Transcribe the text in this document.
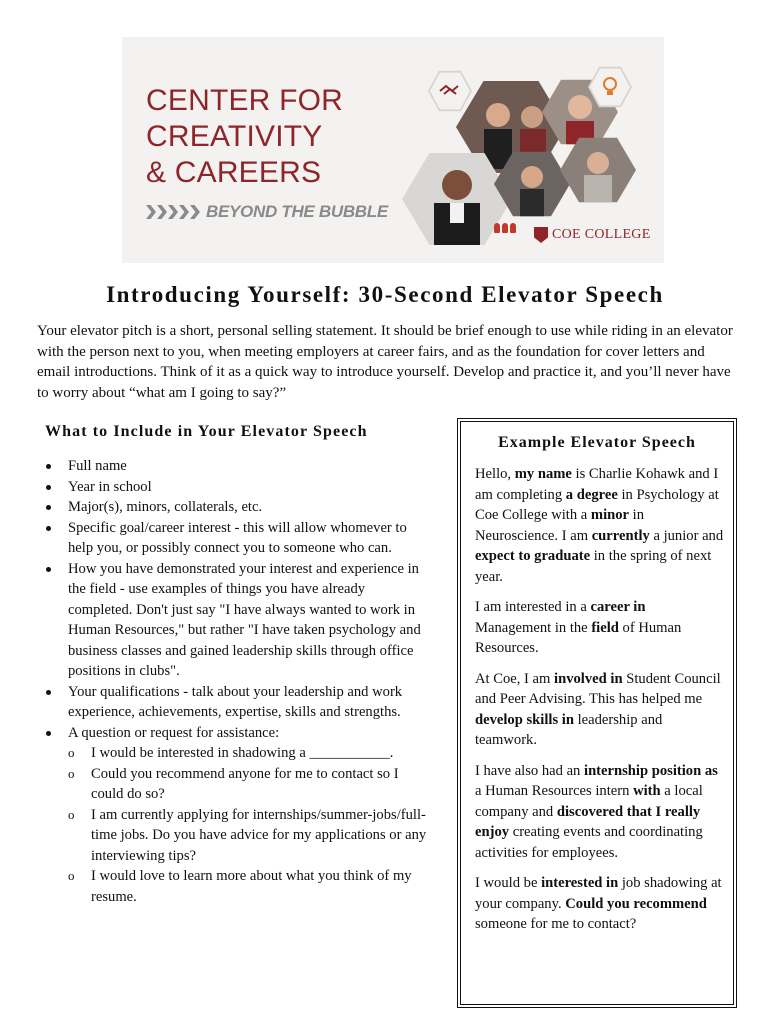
CENTER FOR
CREATIVITY
& CAREERS
BEYOND THE BUBBLE
COE COLLEGE
Introducing Yourself: 30-Second Elevator Speech
Your elevator pitch is a short, personal selling statement. It should be brief enough to use while riding in an elevator with the person next to you, when meeting employers at career fairs, and as the foundation for cover letters and email introductions. Think of it as a quick way to introduce yourself. Develop and practice it, and you’ll never have to worry about “what am I going to say?”
What to Include in Your Elevator Speech
Full name
Year in school
Major(s), minors, collaterals, etc.
Specific goal/career interest - this will allow whomever to help you, or possibly connect you to someone who can.
How you have demonstrated your interest and experience in the field - use examples of things you have already completed. Don't just say "I have always wanted to work in Human Resources," but rather "I have taken psychology and business classes and gained leadership skills through office positions in clubs".
Your qualifications - talk about your leadership and work experience, achievements, expertise, skills and strengths.
A question or request for assistance:
o I would be interested in shadowing a ___________.
o Could you recommend anyone for me to contact so I could do so?
o I am currently applying for internships/summer-jobs/full-time jobs. Do you have advice for my applications or any interviewing tips?
o I would love to learn more about what you think of my resume.
Example Elevator Speech

Hello, my name is Charlie Kohawk and I am completing a degree in Psychology at Coe College with a minor in Neuroscience. I am currently a junior and expect to graduate in the spring of next year.

I am interested in a career in Management in the field of Human Resources.

At Coe, I am involved in Student Council and Peer Advising. This has helped me develop skills in leadership and teamwork.

I have also had an internship position as a Human Resources intern with a local company and discovered that I really enjoy creating events and coordinating activities for employees.

I would be interested in job shadowing at your company. Could you recommend someone for me to contact?
